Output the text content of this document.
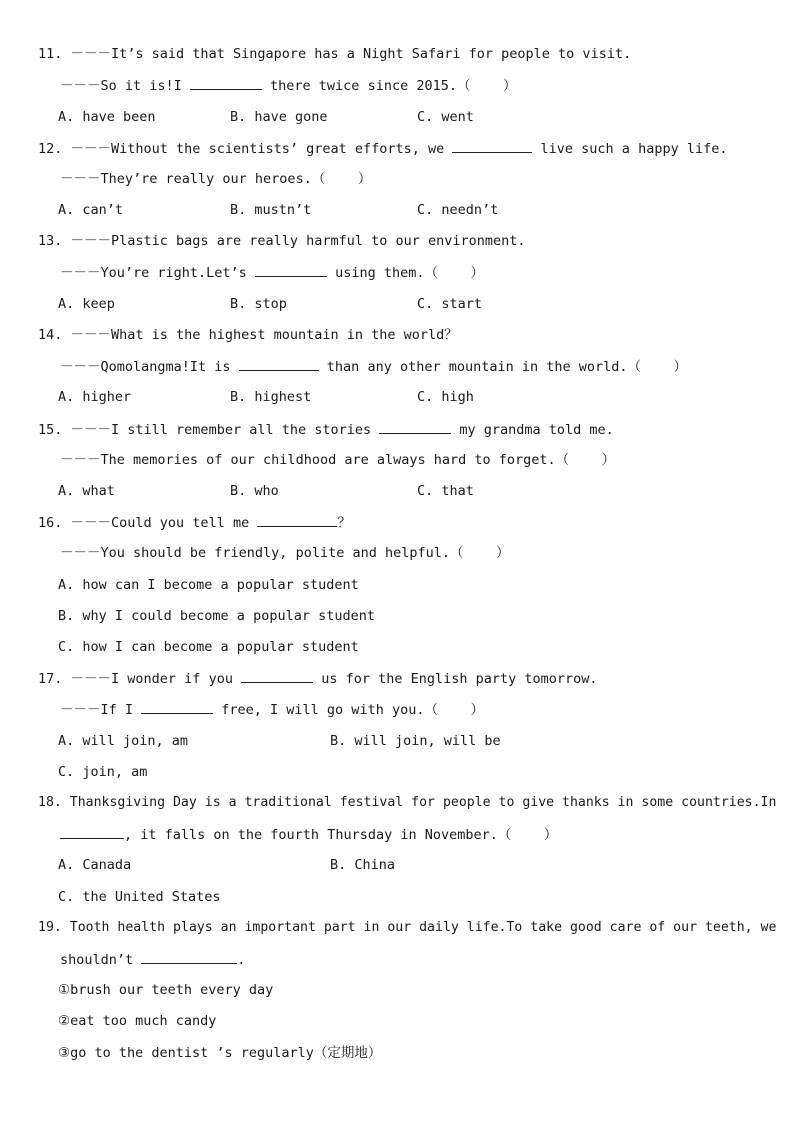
11. －－－It’s said that Singapore has a Night Safari for people to visit.
－－－So it is!I	there twice since 2015.（    ）
A. have been	B. have gone	C. went
12. －－－Without the scientists’ great efforts, we	live such a happy life.
－－－They’re really our heroes.（    ）
A. can’t	B. mustn’t	C. needn’t
13. －－－Plastic bags are really harmful to our environment.
－－－You’re right.Let’s	using them.（    ）
A. keep	B. stop	C. start
14. －－－What is the highest mountain in the world？
－－－Qomolangma!It is	than any other mountain in the world.（    ）
A. higher	B. highest	C. high
15. －－－I still remember all the stories	my grandma told me.
－－－The memories of our childhood are always hard to forget.（    ）
A. what	B. who	C. that
16. －－－Could you tell me	？
－－－You should be friendly, polite and helpful.（    ）
A. how can I become a popular student
B. why I could become a popular student
C. how I can become a popular student
17. －－－I wonder if you	us for the English party tomorrow.
－－－If I	free, I will go with you.（    ）
A. will join, am	B. will join, will be
C. join, am
18. Thanksgiving Day is a traditional festival for people to give thanks in some countries.In
, it falls on the fourth Thursday in November.（    ）
A. Canada	B. China
C. the United States
19. Tooth health plays an important part in our daily life.To take good care of our teeth, we
shouldn’t	.
①brush our teeth every day
②eat too much candy
③go to the dentist ’s regularly（定期地）
